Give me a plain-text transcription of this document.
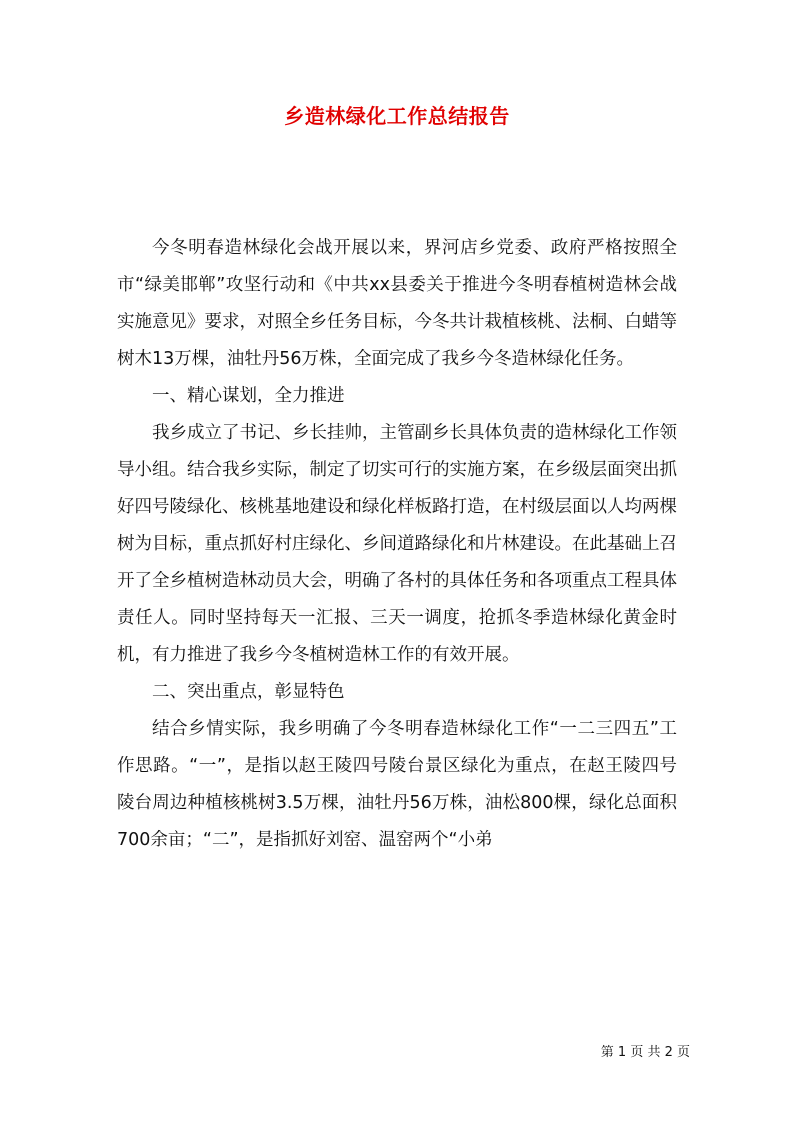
乡造林绿化工作总结报告

今冬明春造林绿化会战开展以来，界河店乡党委、政府严格按照全市“绿美邯郸”攻坚行动和《中共xx县委关于推进今冬明春植树造林会战实施意见》要求，对照全乡任务目标，今冬共计栽植核桃、法桐、白蜡等树木13万棵，油牡丹56万株，全面完成了我乡今冬造林绿化任务。

一、精心谋划，全力推进

我乡成立了书记、乡长挂帅，主管副乡长具体负责的造林绿化工作领导小组。结合我乡实际，制定了切实可行的实施方案，在乡级层面突出抓好四号陵绿化、核桃基地建设和绿化样板路打造，在村级层面以人均两棵树为目标，重点抓好村庄绿化、乡间道路绿化和片林建设。在此基础上召开了全乡植树造林动员大会，明确了各村的具体任务和各项重点工程具体责任人。同时坚持每天一汇报、三天一调度，抢抓冬季造林绿化黄金时机，有力推进了我乡今冬植树造林工作的有效开展。

二、突出重点，彰显特色

结合乡情实际，我乡明确了今冬明春造林绿化工作“一二三四五”工作思路。“一”，是指以赵王陵四号陵台景区绿化为重点，在赵王陵四号陵台周边种植核桃树3.5万棵，油牡丹56万株，油松800棵，绿化总面积700余亩；“二”，是指抓好刘窑、温窑两个“小弟

第 1 页 共 2 页
